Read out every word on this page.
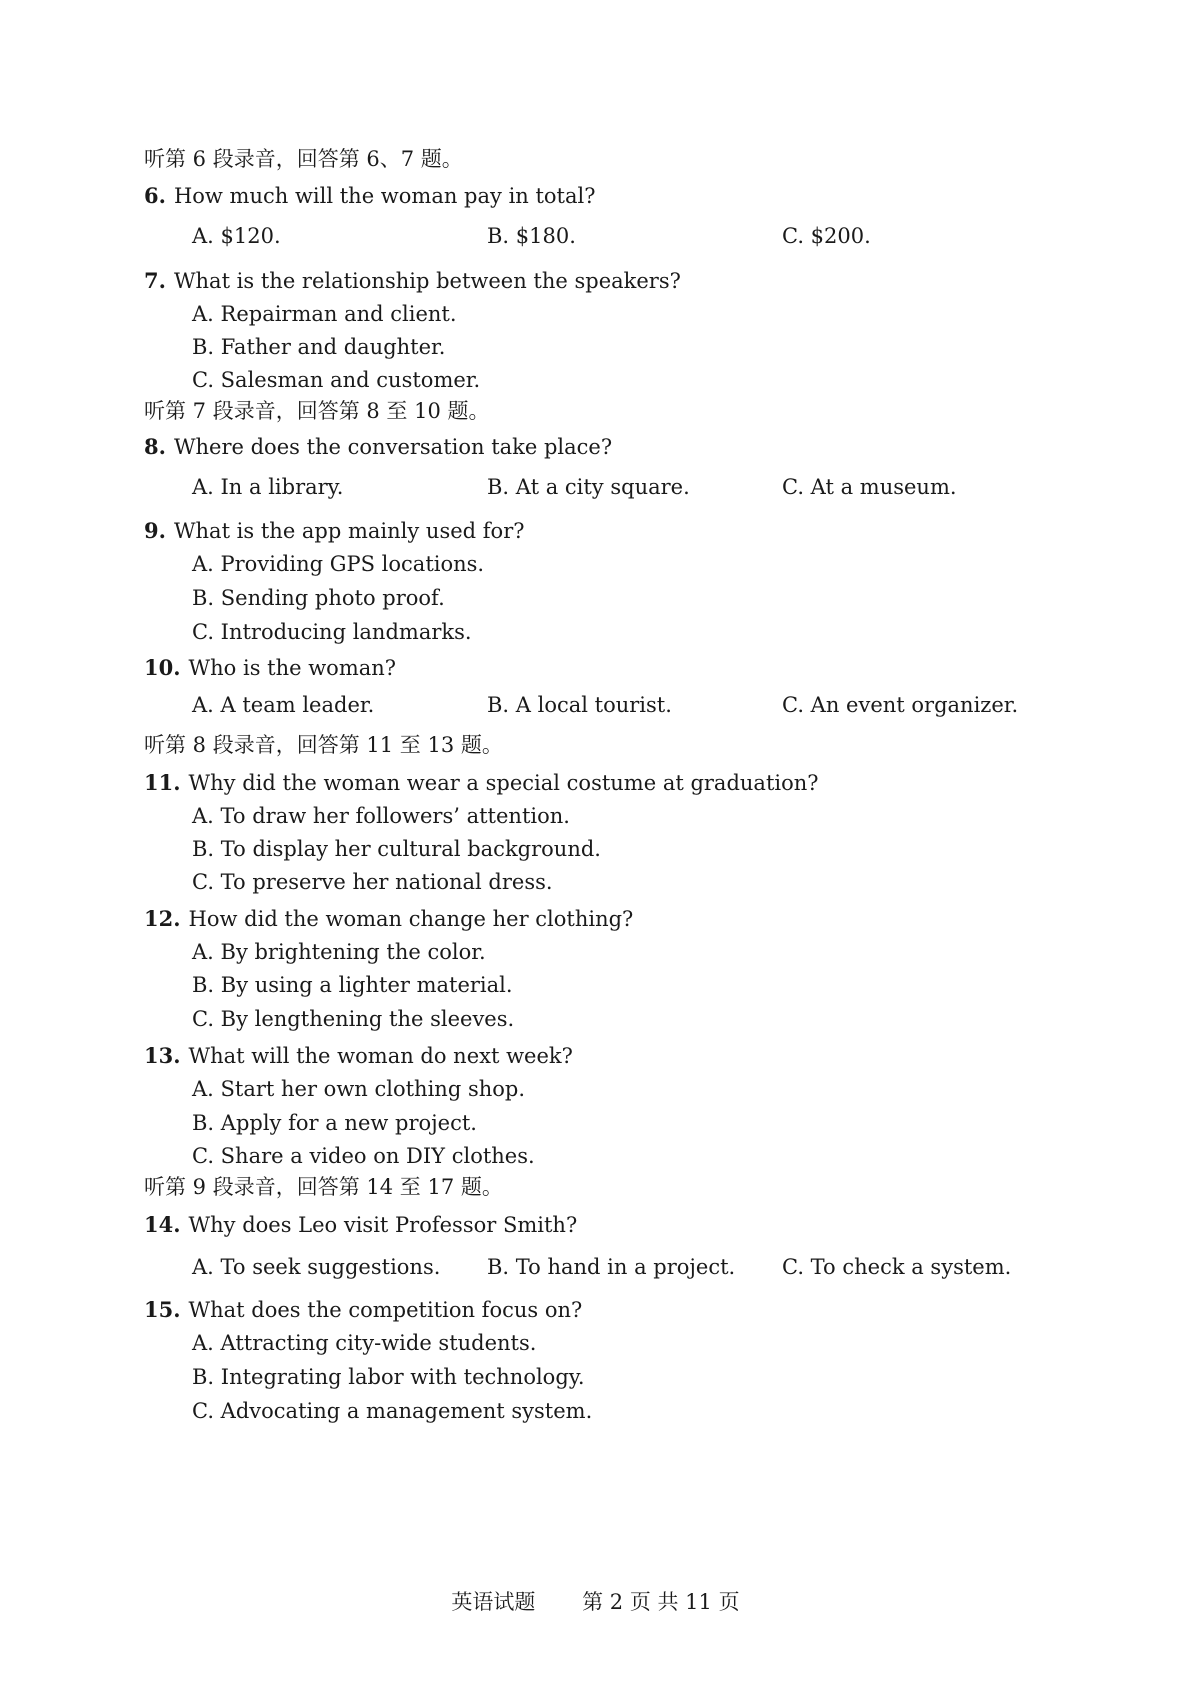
听第 6 段录音，回答第 6、7 题。
6. How much will the woman pay in total?
A. $120.	B. $180.	C. $200.
7. What is the relationship between the speakers?
A. Repairman and client.
B. Father and daughter.
C. Salesman and customer.
听第 7 段录音，回答第 8 至 10 题。
8. Where does the conversation take place?
A. In a library.	B. At a city square.	C. At a museum.
9. What is the app mainly used for?
A. Providing GPS locations.
B. Sending photo proof.
C. Introducing landmarks.
10. Who is the woman?
A. A team leader.	B. A local tourist.	C. An event organizer.
听第 8 段录音，回答第 11 至 13 题。
11. Why did the woman wear a special costume at graduation?
A. To draw her followers’ attention.
B. To display her cultural background.
C. To preserve her national dress.
12. How did the woman change her clothing?
A. By brightening the color.
B. By using a lighter material.
C. By lengthening the sleeves.
13. What will the woman do next week?
A. Start her own clothing shop.
B. Apply for a new project.
C. Share a video on DIY clothes.
听第 9 段录音，回答第 14 至 17 题。
14. Why does Leo visit Professor Smith?
A. To seek suggestions. B. To hand in a project. C. To check a system.
15. What does the competition focus on?
A. Attracting city-wide students.
B. Integrating labor with technology.
C. Advocating a management system.
英语试题 第 2 页 共 11 页
